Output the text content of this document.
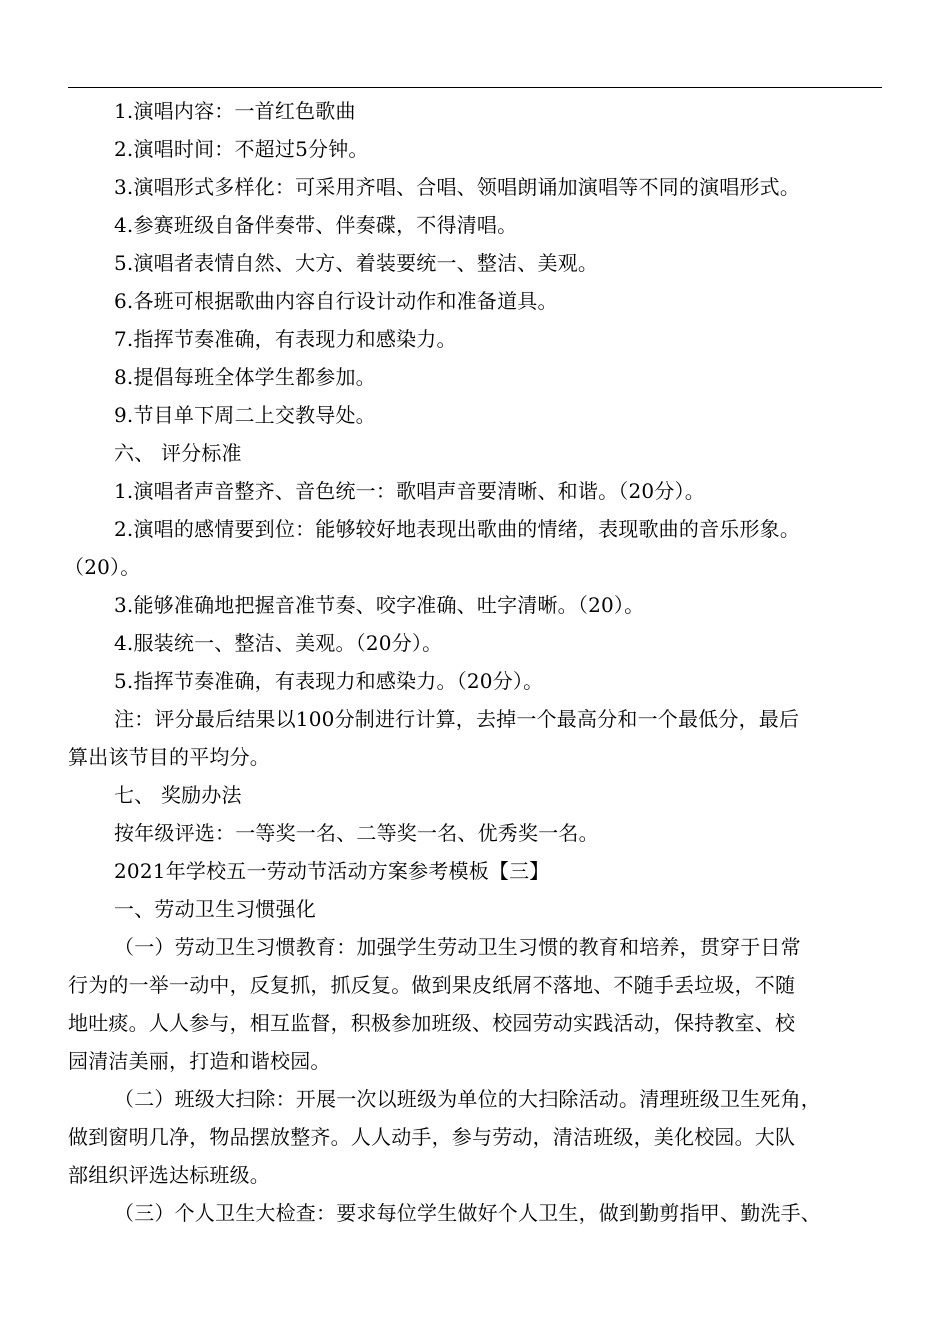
1.演唱内容：一首红色歌曲
2.演唱时间：不超过5分钟。
3.演唱形式多样化：可采用齐唱、合唱、领唱朗诵加演唱等不同的演唱形式。
4.参赛班级自备伴奏带、伴奏碟，不得清唱。
5.演唱者表情自然、大方、着装要统一、整洁、美观。
6.各班可根据歌曲内容自行设计动作和准备道具。
7.指挥节奏准确，有表现力和感染力。
8.提倡每班全体学生都参加。
9.节目单下周二上交教导处。
六、 评分标准
1.演唱者声音整齐、音色统一：歌唱声音要清晰、和谐。（20分）。
2.演唱的感情要到位：能够较好地表现出歌曲的情绪，表现歌曲的音乐形象。
（20）。
3.能够准确地把握音准节奏、咬字准确、吐字清晰。（20）。
4.服装统一、整洁、美观。（20分）。
5.指挥节奏准确，有表现力和感染力。（20分）。
注：评分最后结果以100分制进行计算，去掉一个最高分和一个最低分，最后
算出该节目的平均分。
七、 奖励办法
按年级评选：一等奖一名、二等奖一名、优秀奖一名。
2021年学校五一劳动节活动方案参考模板【三】
一、劳动卫生习惯强化
（一）劳动卫生习惯教育：加强学生劳动卫生习惯的教育和培养，贯穿于日常
行为的一举一动中，反复抓，抓反复。做到果皮纸屑不落地、不随手丢垃圾，不随
地吐痰。人人参与，相互监督，积极参加班级、校园劳动实践活动，保持教室、校
园清洁美丽，打造和谐校园。
（二）班级大扫除：开展一次以班级为单位的大扫除活动。清理班级卫生死角，
做到窗明几净，物品摆放整齐。人人动手，参与劳动，清洁班级，美化校园。大队
部组织评选达标班级。
（三）个人卫生大检查：要求每位学生做好个人卫生，做到勤剪指甲、勤洗手、
